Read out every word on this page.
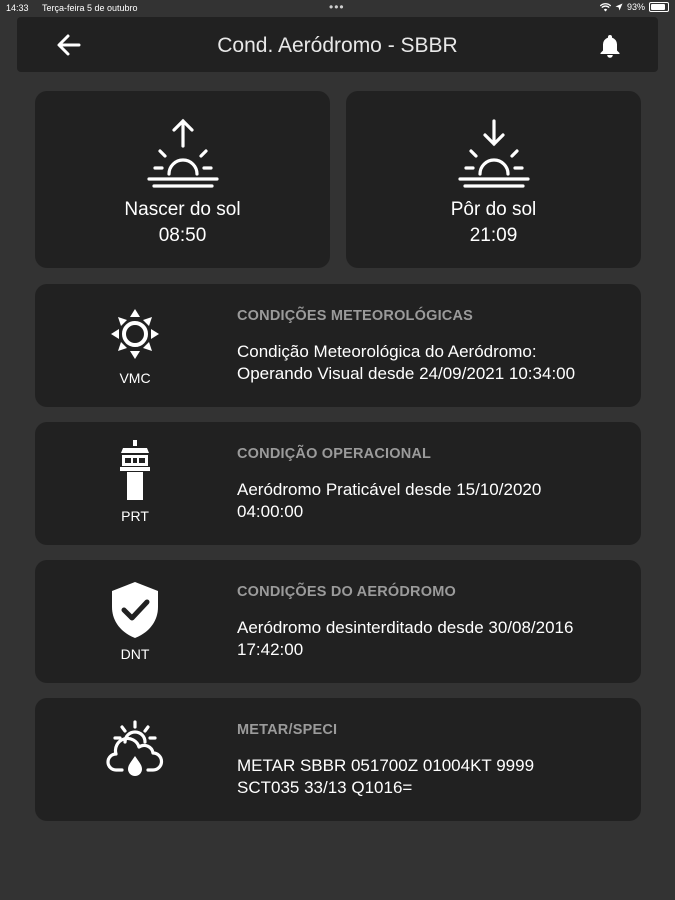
14:33 Terça-feira 5 de outubro	•••	93%
Cond. Aeródromo - SBBR
Nascer do sol
08:50
Pôr do sol
21:09
VMC
CONDIÇÕES METEOROLÓGICAS
Condição Meteorológica do Aeródromo:
Operando Visual desde 24/09/2021 10:34:00
PRT
CONDIÇÃO OPERACIONAL
Aeródromo Praticável desde 15/10/2020
04:00:00
DNT
CONDIÇÕES DO AERÓDROMO
Aeródromo desinterditado desde 30/08/2016
17:42:00
METAR/SPECI
METAR SBBR 051700Z 01004KT 9999
SCT035 33/13 Q1016=
